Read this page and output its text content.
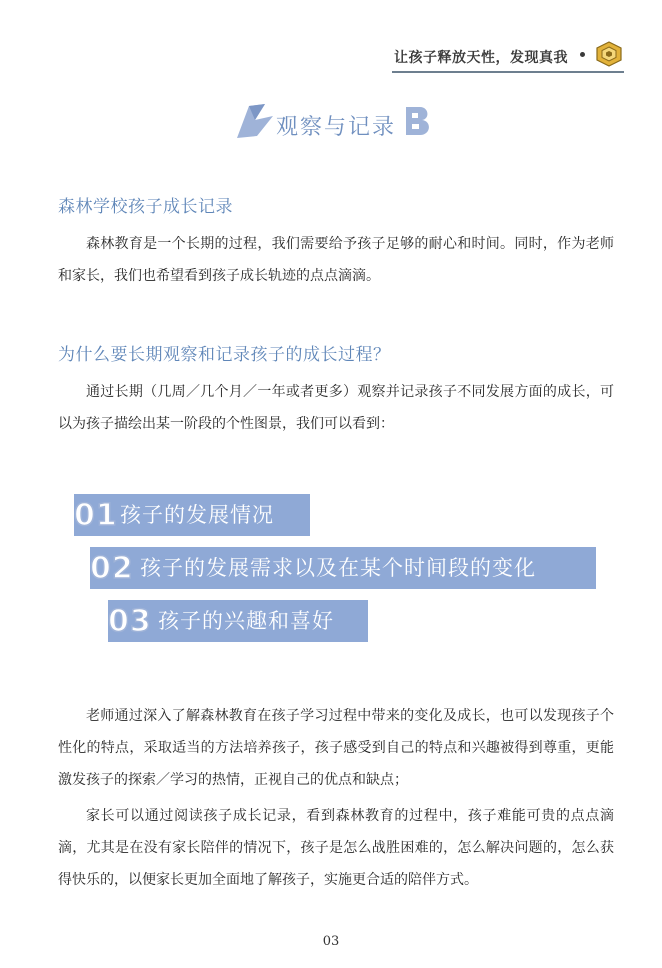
让孩子释放天性，发现真我
观察与记录
森林学校孩子成长记录

森林教育是一个长期的过程，我们需要给予孩子足够的耐心和时间。同时，作为老师和家长，我们也希望看到孩子成长轨迹的点点滴滴。

为什么要长期观察和记录孩子的成长过程？

通过长期（几周／几个月／一年或者更多）观察并记录孩子不同发展方面的成长，可以为孩子描绘出某一阶段的个性图景，我们可以看到：

01 孩子的发展情况
02 孩子的发展需求以及在某个时间段的变化
03 孩子的兴趣和喜好

老师通过深入了解森林教育在孩子学习过程中带来的变化及成长，也可以发现孩子个性化的特点，采取适当的方法培养孩子，孩子感受到自己的特点和兴趣被得到尊重，更能激发孩子的探索／学习的热情，正视自己的优点和缺点；

家长可以通过阅读孩子成长记录，看到森林教育的过程中，孩子难能可贵的点点滴滴，尤其是在没有家长陪伴的情况下，孩子是怎么战胜困难的，怎么解决问题的，怎么获得快乐的，以便家长更加全面地了解孩子，实施更合适的陪伴方式。

03
